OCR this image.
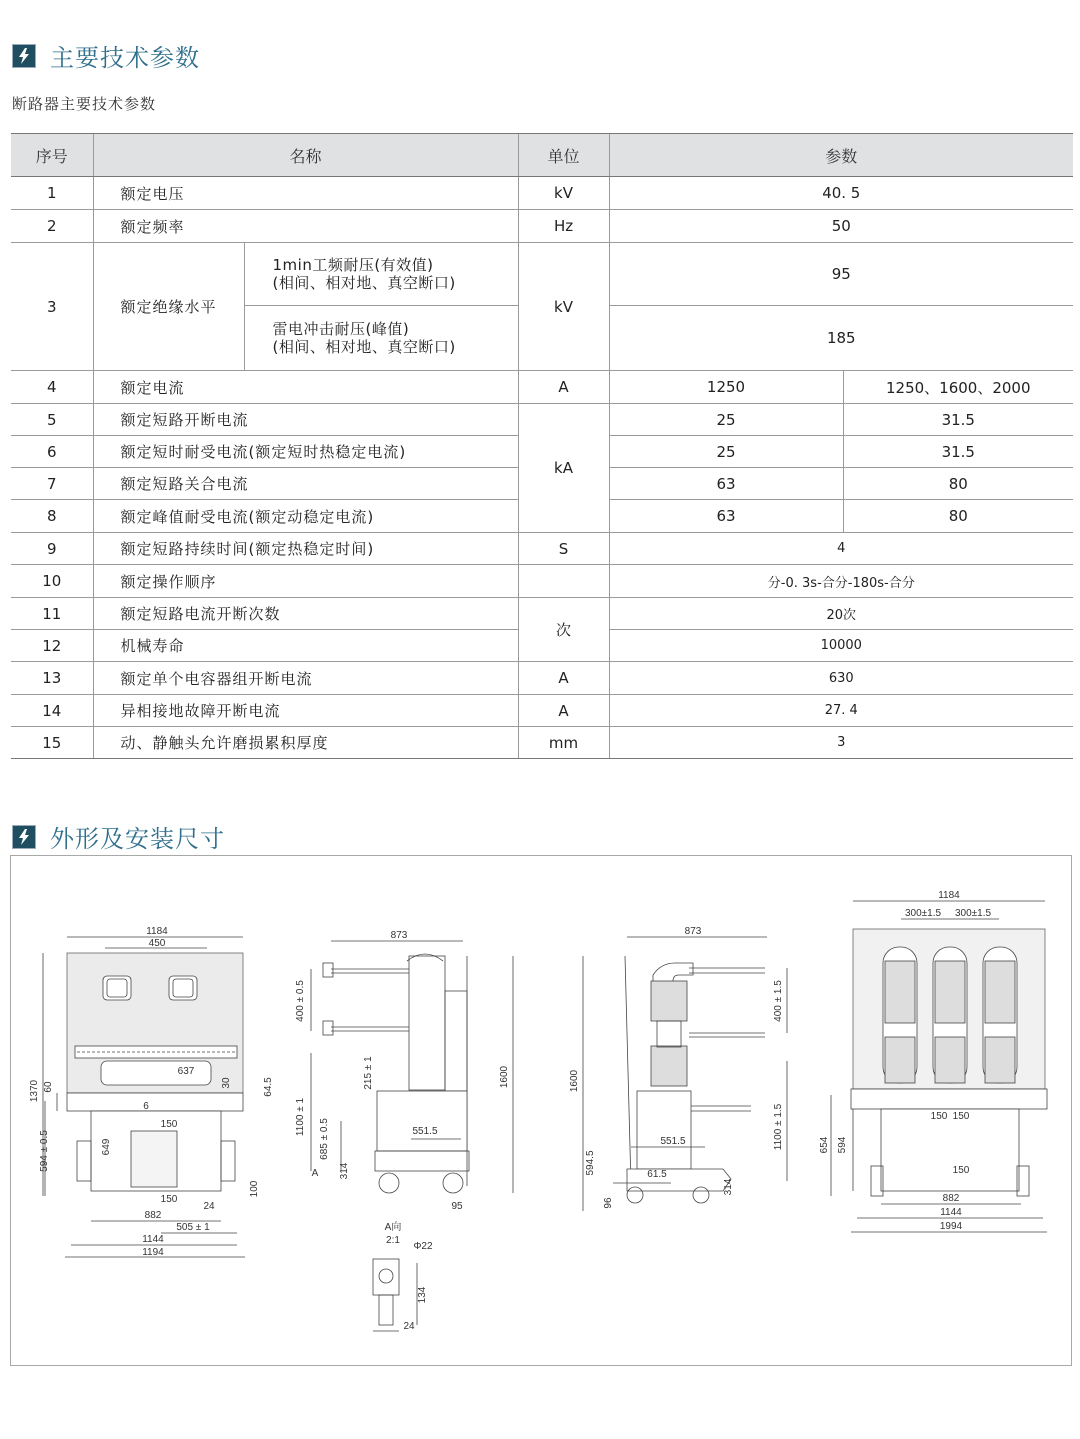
主要技术参数
断路器主要技术参数
序号	名称		单位	参数	
1	额定电压		kV	40. 5	
2	额定频率		Hz	50	
3	额定绝缘水平	1min工频耐压(有效值)
(相间、相对地、真空断口)	kV	95	

		雷电冲击耐压(峰值)
(相间、相对地、真空断口)		185	
4	额定电流		A	1250	1250、1600、2000
5	额定短路开断电流		kA	25	31.5
6	额定短时耐受电流(额定短时热稳定电流)			25	31.5
7	额定短路关合电流			63	80
8	额定峰值耐受电流(额定动稳定电流)			63	80
9	额定短路持续时间(额定热稳定时间)		S	4	
10	额定操作顺序			分-0. 3s-合分-180s-合分	
11	额定短路电流开断次数		次	20次	
12	机械寿命			10000	
13	额定单个电容器组开断电流		A	630	
14	异相接地故障开断电流		A	27. 4	
15	动、静触头允许磨损累积厚度		mm	3	
外形及安装尺寸
1184
450
1370 60
637
30	64.5
594 ± 0.5	649
150
6
150
24
100
882
505 ± 1
1144
1194
873
400 ± 0.5
1600
215 ± 1
1100 ± 1	551.5
685 ± 0.5
314
A
95
A向
2:1
Φ22
134
24
873
1600
400 ± 1.5
1100 ± 1.5
551.5
594.5	61.5
96
314
1184
300±1.5 300±1.5
654 594
150 150
150
882
1144
1994
